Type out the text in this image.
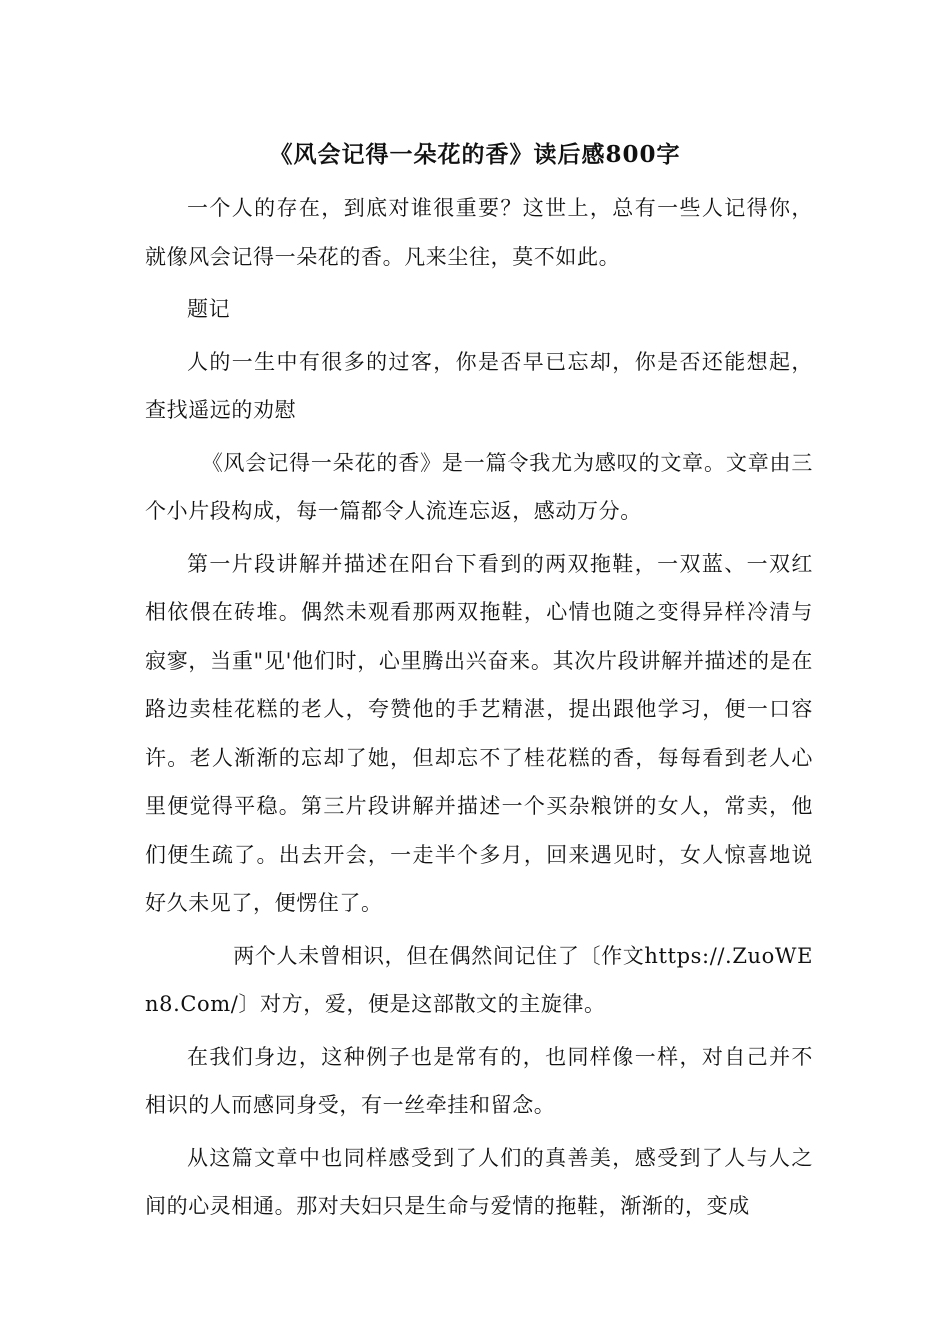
《风会记得一朵花的香》读后感800字

一个人的存在，到底对谁很重要？这世上，总有一些人记得你，就像风会记得一朵花的香。凡来尘往，莫不如此。

题记

人的一生中有很多的过客，你是否早已忘却，你是否还能想起，查找遥远的劝慰

《风会记得一朵花的香》是一篇令我尤为感叹的文章。文章由三个小片段构成，每一篇都令人流连忘返，感动万分。

第一片段讲解并描述在阳台下看到的两双拖鞋，一双蓝、一双红相依偎在砖堆。偶然未观看那两双拖鞋，心情也随之变得异样冷清与寂寥，当重"见'他们时，心里腾出兴奋来。其次片段讲解并描述的是在路边卖桂花糕的老人，夸赞他的手艺精湛，提出跟他学习，便一口容许。老人渐渐的忘却了她，但却忘不了桂花糕的香，每每看到老人心里便觉得平稳。第三片段讲解并描述一个买杂粮饼的女人，常卖，他们便生疏了。出去开会，一走半个多月，回来遇见时，女人惊喜地说好久未见了，便愣住了。

两个人未曾相识，但在偶然间记住了〔作文https://.ZuoWEn8.Com/〕对方，爱，便是这部散文的主旋律。

在我们身边，这种例子也是常有的，也同样像一样，对自己并不相识的人而感同身受，有一丝牵挂和留念。

从这篇文章中也同样感受到了人们的真善美，感受到了人与人之间的心灵相通。那对夫妇只是生命与爱情的拖鞋，渐渐的，变成
